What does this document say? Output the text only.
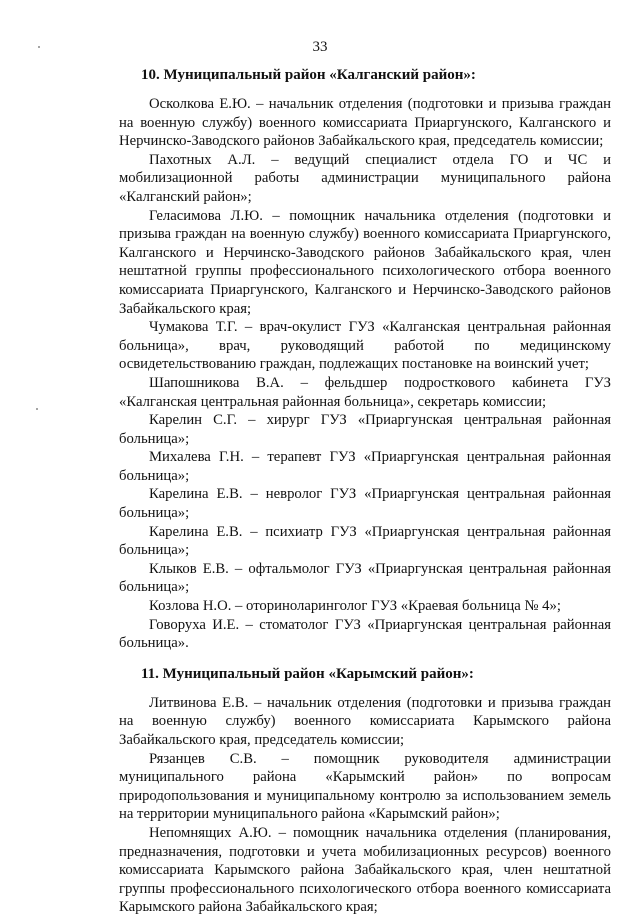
33

10. Муниципальный район «Калганский район»:

Осколкова Е.Ю. – начальник отделения (подготовки и призыва граждан на военную службу) военного комиссариата Приаргунского, Калганского и Нерчинско-Заводского районов Забайкальского края, председатель комиссии;

Пахотных А.Л. – ведущий специалист отдела ГО и ЧС и мобилизационной работы администрации муниципального района «Калганский район»;

Геласимова Л.Ю. – помощник начальника отделения (подготовки и призыва граждан на военную службу) военного комиссариата Приаргунского, Калганского и Нерчинско-Заводского районов Забайкальского края, член нештатной группы профессионального психологического отбора военного комиссариата Приаргунского, Калганского и Нерчинско-Заводского районов Забайкальского края;

Чумакова Т.Г. – врач-окулист ГУЗ «Калганская центральная районная больница», врач, руководящий работой по медицинскому освидетельствованию граждан, подлежащих постановке на воинский учет;

Шапошникова В.А. – фельдшер подросткового кабинета ГУЗ «Калганская центральная районная больница», секретарь комиссии;

Карелин С.Г. – хирург ГУЗ «Приаргунская центральная районная больница»;

Михалева Г.Н. – терапевт ГУЗ «Приаргунская центральная районная больница»;

Карелина Е.В. – невролог ГУЗ «Приаргунская центральная районная больница»;

Карелина Е.В. – психиатр ГУЗ «Приаргунская центральная районная больница»;

Клыков Е.В. – офтальмолог ГУЗ «Приаргунская центральная районная больница»;

Козлова Н.О. – оториноларинголог ГУЗ «Краевая больница № 4»;

Говоруха И.Е. – стоматолог ГУЗ «Приаргунская центральная районная больница».

11. Муниципальный район «Карымский район»:

Литвинова Е.В. – начальник отделения (подготовки и призыва граждан на военную службу) военного комиссариата Карымского района Забайкальского края, председатель комиссии;

Рязанцев С.В. – помощник руководителя администрации муниципального района «Карымский район» по вопросам природопользования и муниципальному контролю за использованием земель на территории муниципального района «Карымский район»;

Непомнящих А.Ю. – помощник начальника отделения (планирования, предназначения, подготовки и учета мобилизационных ресурсов) военного комиссариата Карымского района Забайкальского края, член нештатной группы профессионального психологического отбора военного комиссариата Карымского района Забайкальского края;
